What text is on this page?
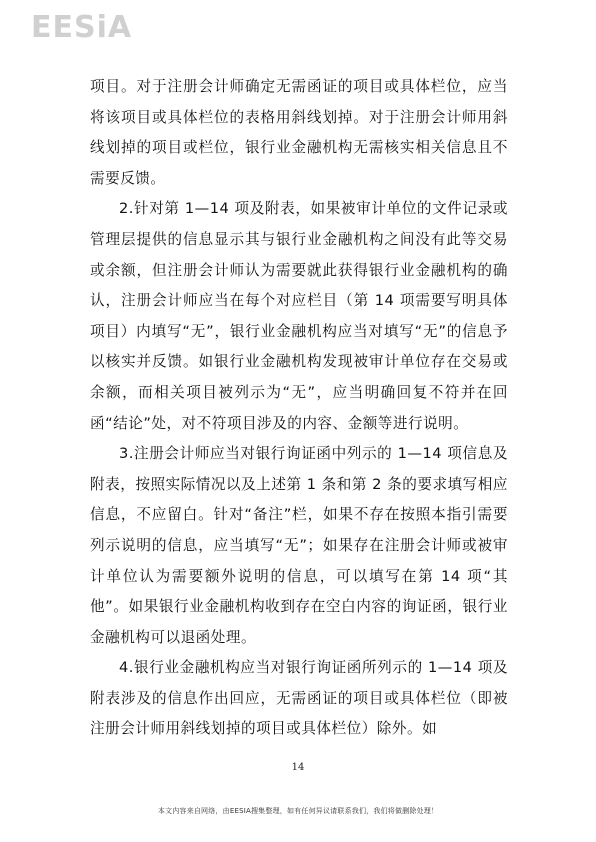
EESiA

项目。对于注册会计师确定无需函证的项目或具体栏位，应当将该项目或具体栏位的表格用斜线划掉。对于注册会计师用斜线划掉的项目或栏位，银行业金融机构无需核实相关信息且不需要反馈。

2.针对第 1—14 项及附表，如果被审计单位的文件记录或管理层提供的信息显示其与银行业金融机构之间没有此等交易或余额，但注册会计师认为需要就此获得银行业金融机构的确认，注册会计师应当在每个对应栏目（第 14 项需要写明具体项目）内填写“无”，银行业金融机构应当对填写“无”的信息予以核实并反馈。如银行业金融机构发现被审计单位存在交易或余额，而相关项目被列示为“无”，应当明确回复不符并在回函“结论”处，对不符项目涉及的内容、金额等进行说明。

3.注册会计师应当对银行询证函中列示的 1—14 项信息及附表，按照实际情况以及上述第 1 条和第 2 条的要求填写相应信息，不应留白。针对“备注”栏，如果不存在按照本指引需要列示说明的信息，应当填写“无”；如果存在注册会计师或被审计单位认为需要额外说明的信息，可以填写在第 14 项“其他”。如果银行业金融机构收到存在空白内容的询证函，银行业金融机构可以退函处理。

4.银行业金融机构应当对银行询证函所列示的 1—14 项及附表涉及的信息作出回应，无需函证的项目或具体栏位（即被注册会计师用斜线划掉的项目或具体栏位）除外。如

14
本文内容来自网络，由EESIA搜集整理，如有任何异议请联系我们，我们将做删除处理！
